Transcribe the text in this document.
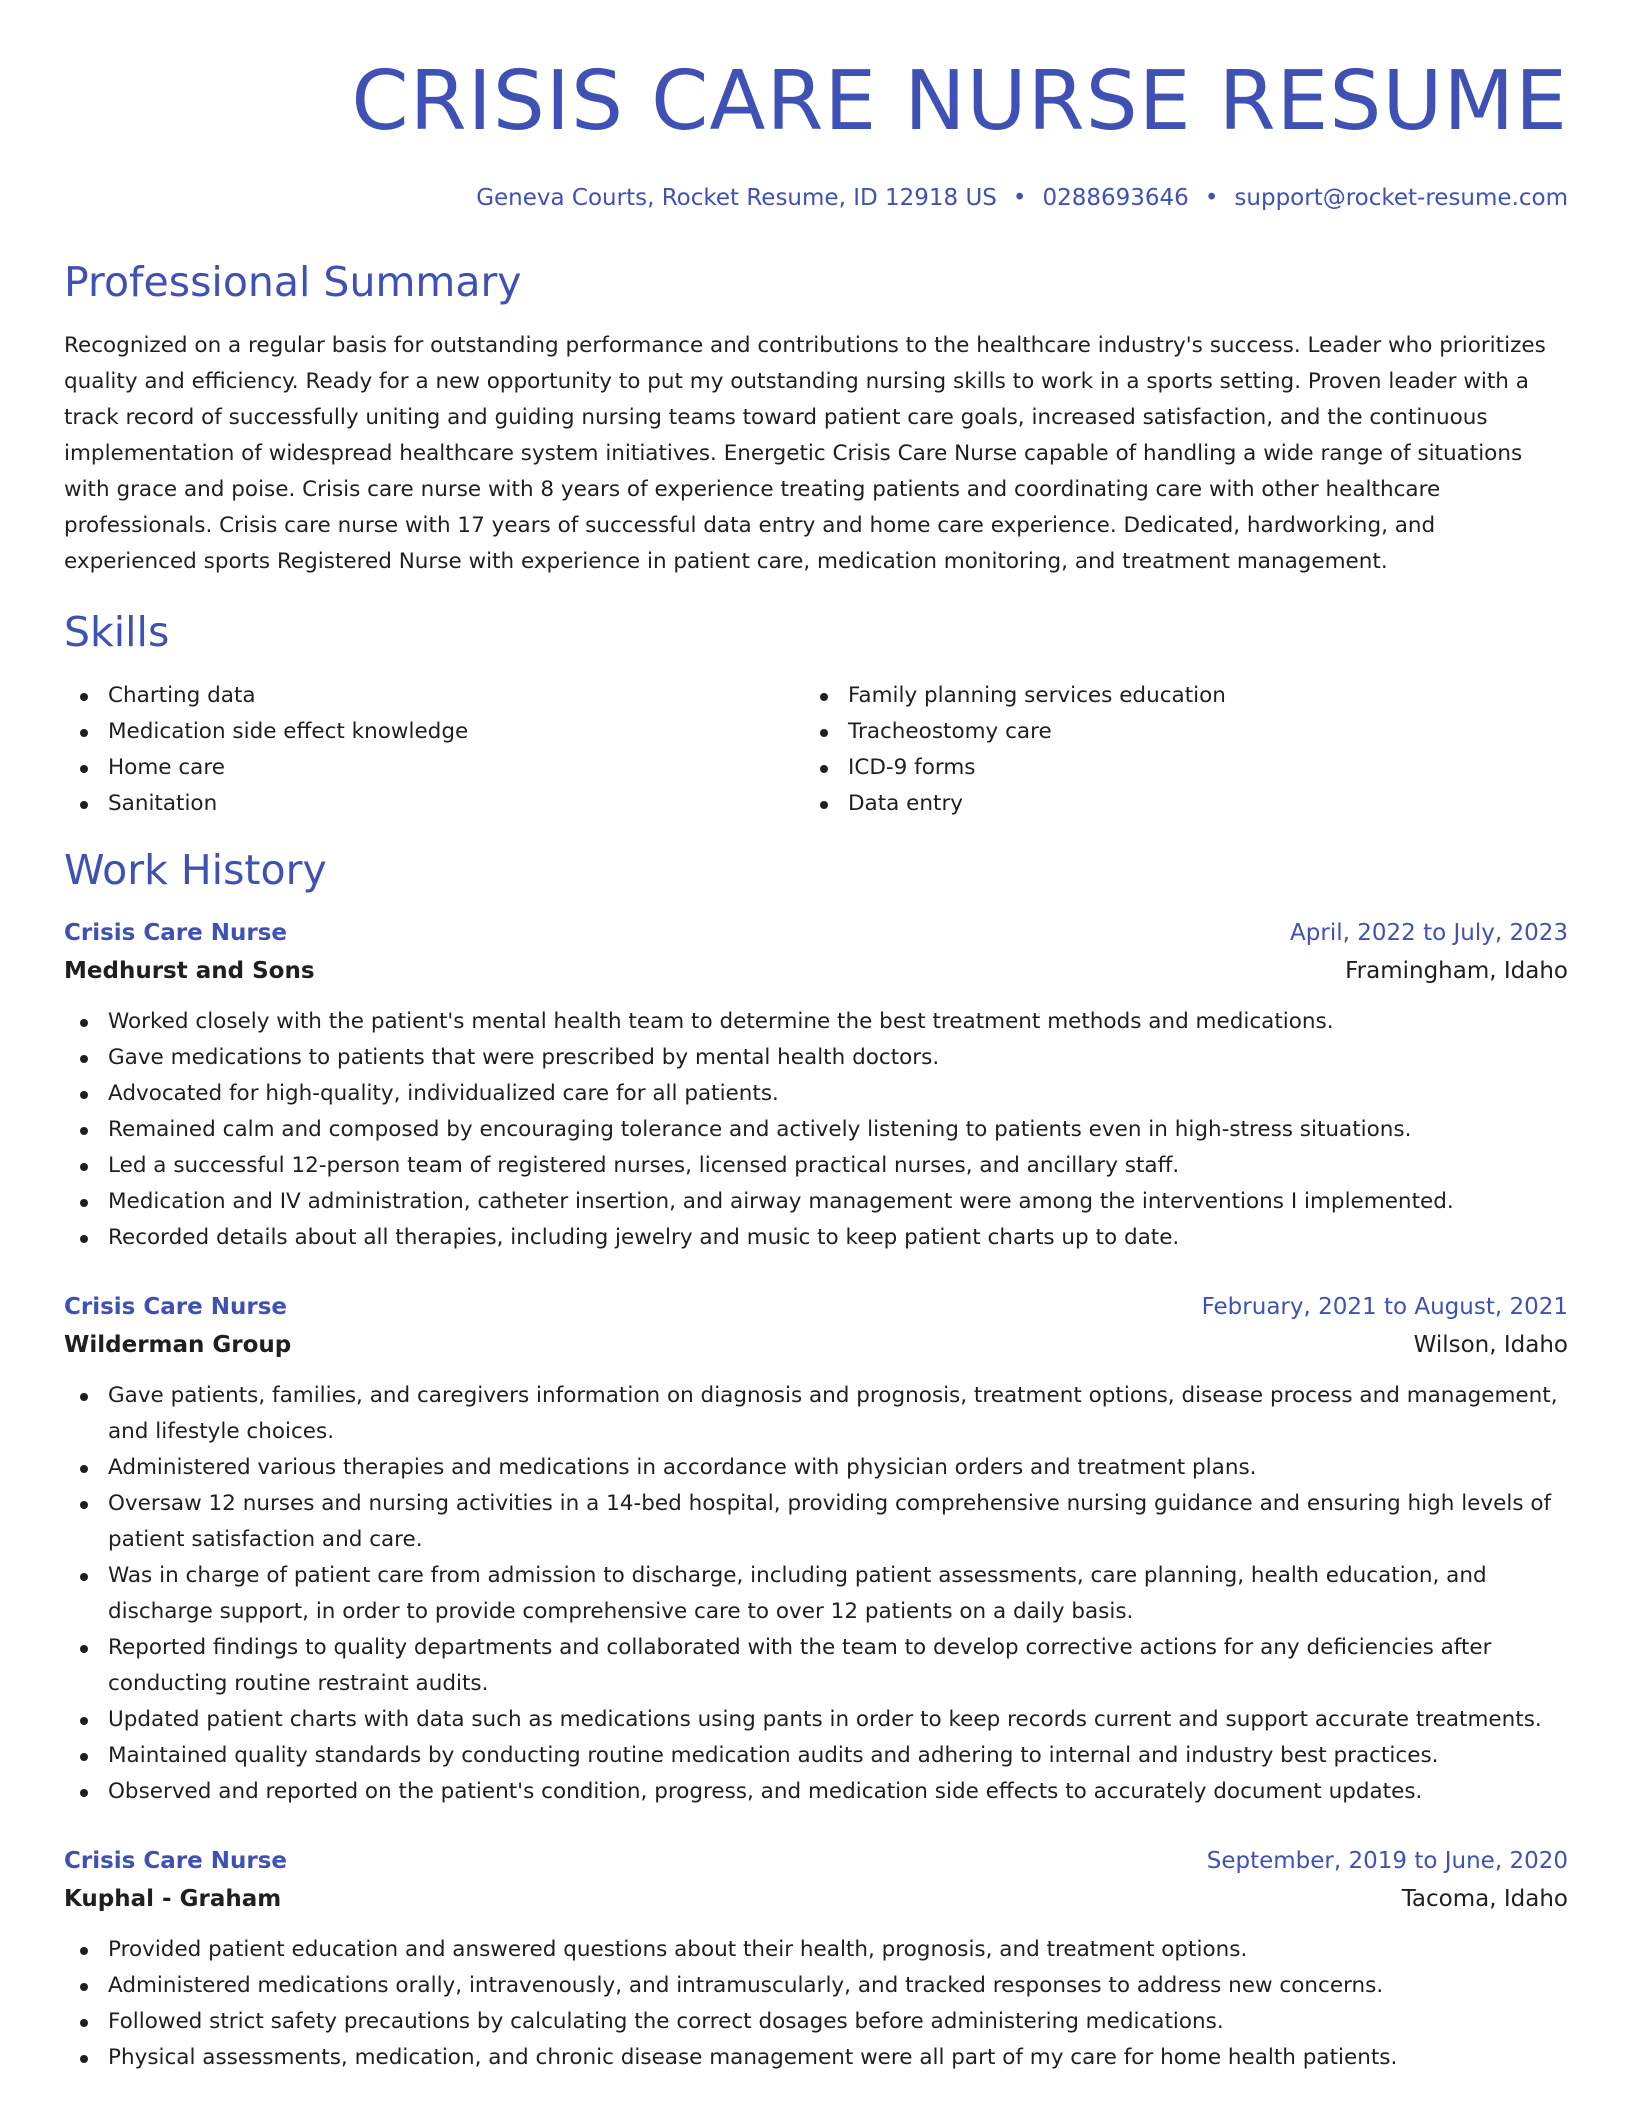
CRISIS CARE NURSE RESUME
Geneva Courts, Rocket Resume, ID 12918 US • 0288693646 • support@rocket-resume.com
Professional Summary

Recognized on a regular basis for outstanding performance and contributions to the healthcare industry's success. Leader who prioritizes quality and efficiency. Ready for a new opportunity to put my outstanding nursing skills to work in a sports setting. Proven leader with a track record of successfully uniting and guiding nursing teams toward patient care goals, increased satisfaction, and the continuous implementation of widespread healthcare system initiatives. Energetic Crisis Care Nurse capable of handling a wide range of situations with grace and poise. Crisis care nurse with 8 years of experience treating patients and coordinating care with other healthcare professionals. Crisis care nurse with 17 years of successful data entry and home care experience. Dedicated, hardworking, and experienced sports Registered Nurse with experience in patient care, medication monitoring, and treatment management.

Skills
Charting data
Medication side effect knowledge
Home care
Sanitation
Family planning services education
Tracheostomy care
ICD-9 forms
Data entry
Work History
Crisis Care Nurse	April, 2022 to July, 2023
Medhurst and Sons	Framingham, Idaho
Worked closely with the patient's mental health team to determine the best treatment methods and medications.
Gave medications to patients that were prescribed by mental health doctors.
Advocated for high-quality, individualized care for all patients.
Remained calm and composed by encouraging tolerance and actively listening to patients even in high-stress situations.
Led a successful 12-person team of registered nurses, licensed practical nurses, and ancillary staff.
Medication and IV administration, catheter insertion, and airway management were among the interventions I implemented.
Recorded details about all therapies, including jewelry and music to keep patient charts up to date.
Crisis Care Nurse	February, 2021 to August, 2021
Wilderman Group	Wilson, Idaho
Gave patients, families, and caregivers information on diagnosis and prognosis, treatment options, disease process and management, and lifestyle choices.
Administered various therapies and medications in accordance with physician orders and treatment plans.
Oversaw 12 nurses and nursing activities in a 14-bed hospital, providing comprehensive nursing guidance and ensuring high levels of patient satisfaction and care.
Was in charge of patient care from admission to discharge, including patient assessments, care planning, health education, and discharge support, in order to provide comprehensive care to over 12 patients on a daily basis.
Reported findings to quality departments and collaborated with the team to develop corrective actions for any deficiencies after conducting routine restraint audits.
Updated patient charts with data such as medications using pants in order to keep records current and support accurate treatments.
Maintained quality standards by conducting routine medication audits and adhering to internal and industry best practices.
Observed and reported on the patient's condition, progress, and medication side effects to accurately document updates.
Crisis Care Nurse	September, 2019 to June, 2020
Kuphal - Graham	Tacoma, Idaho
Provided patient education and answered questions about their health, prognosis, and treatment options.
Administered medications orally, intravenously, and intramuscularly, and tracked responses to address new concerns.
Followed strict safety precautions by calculating the correct dosages before administering medications.
Physical assessments, medication, and chronic disease management were all part of my care for home health patients.
